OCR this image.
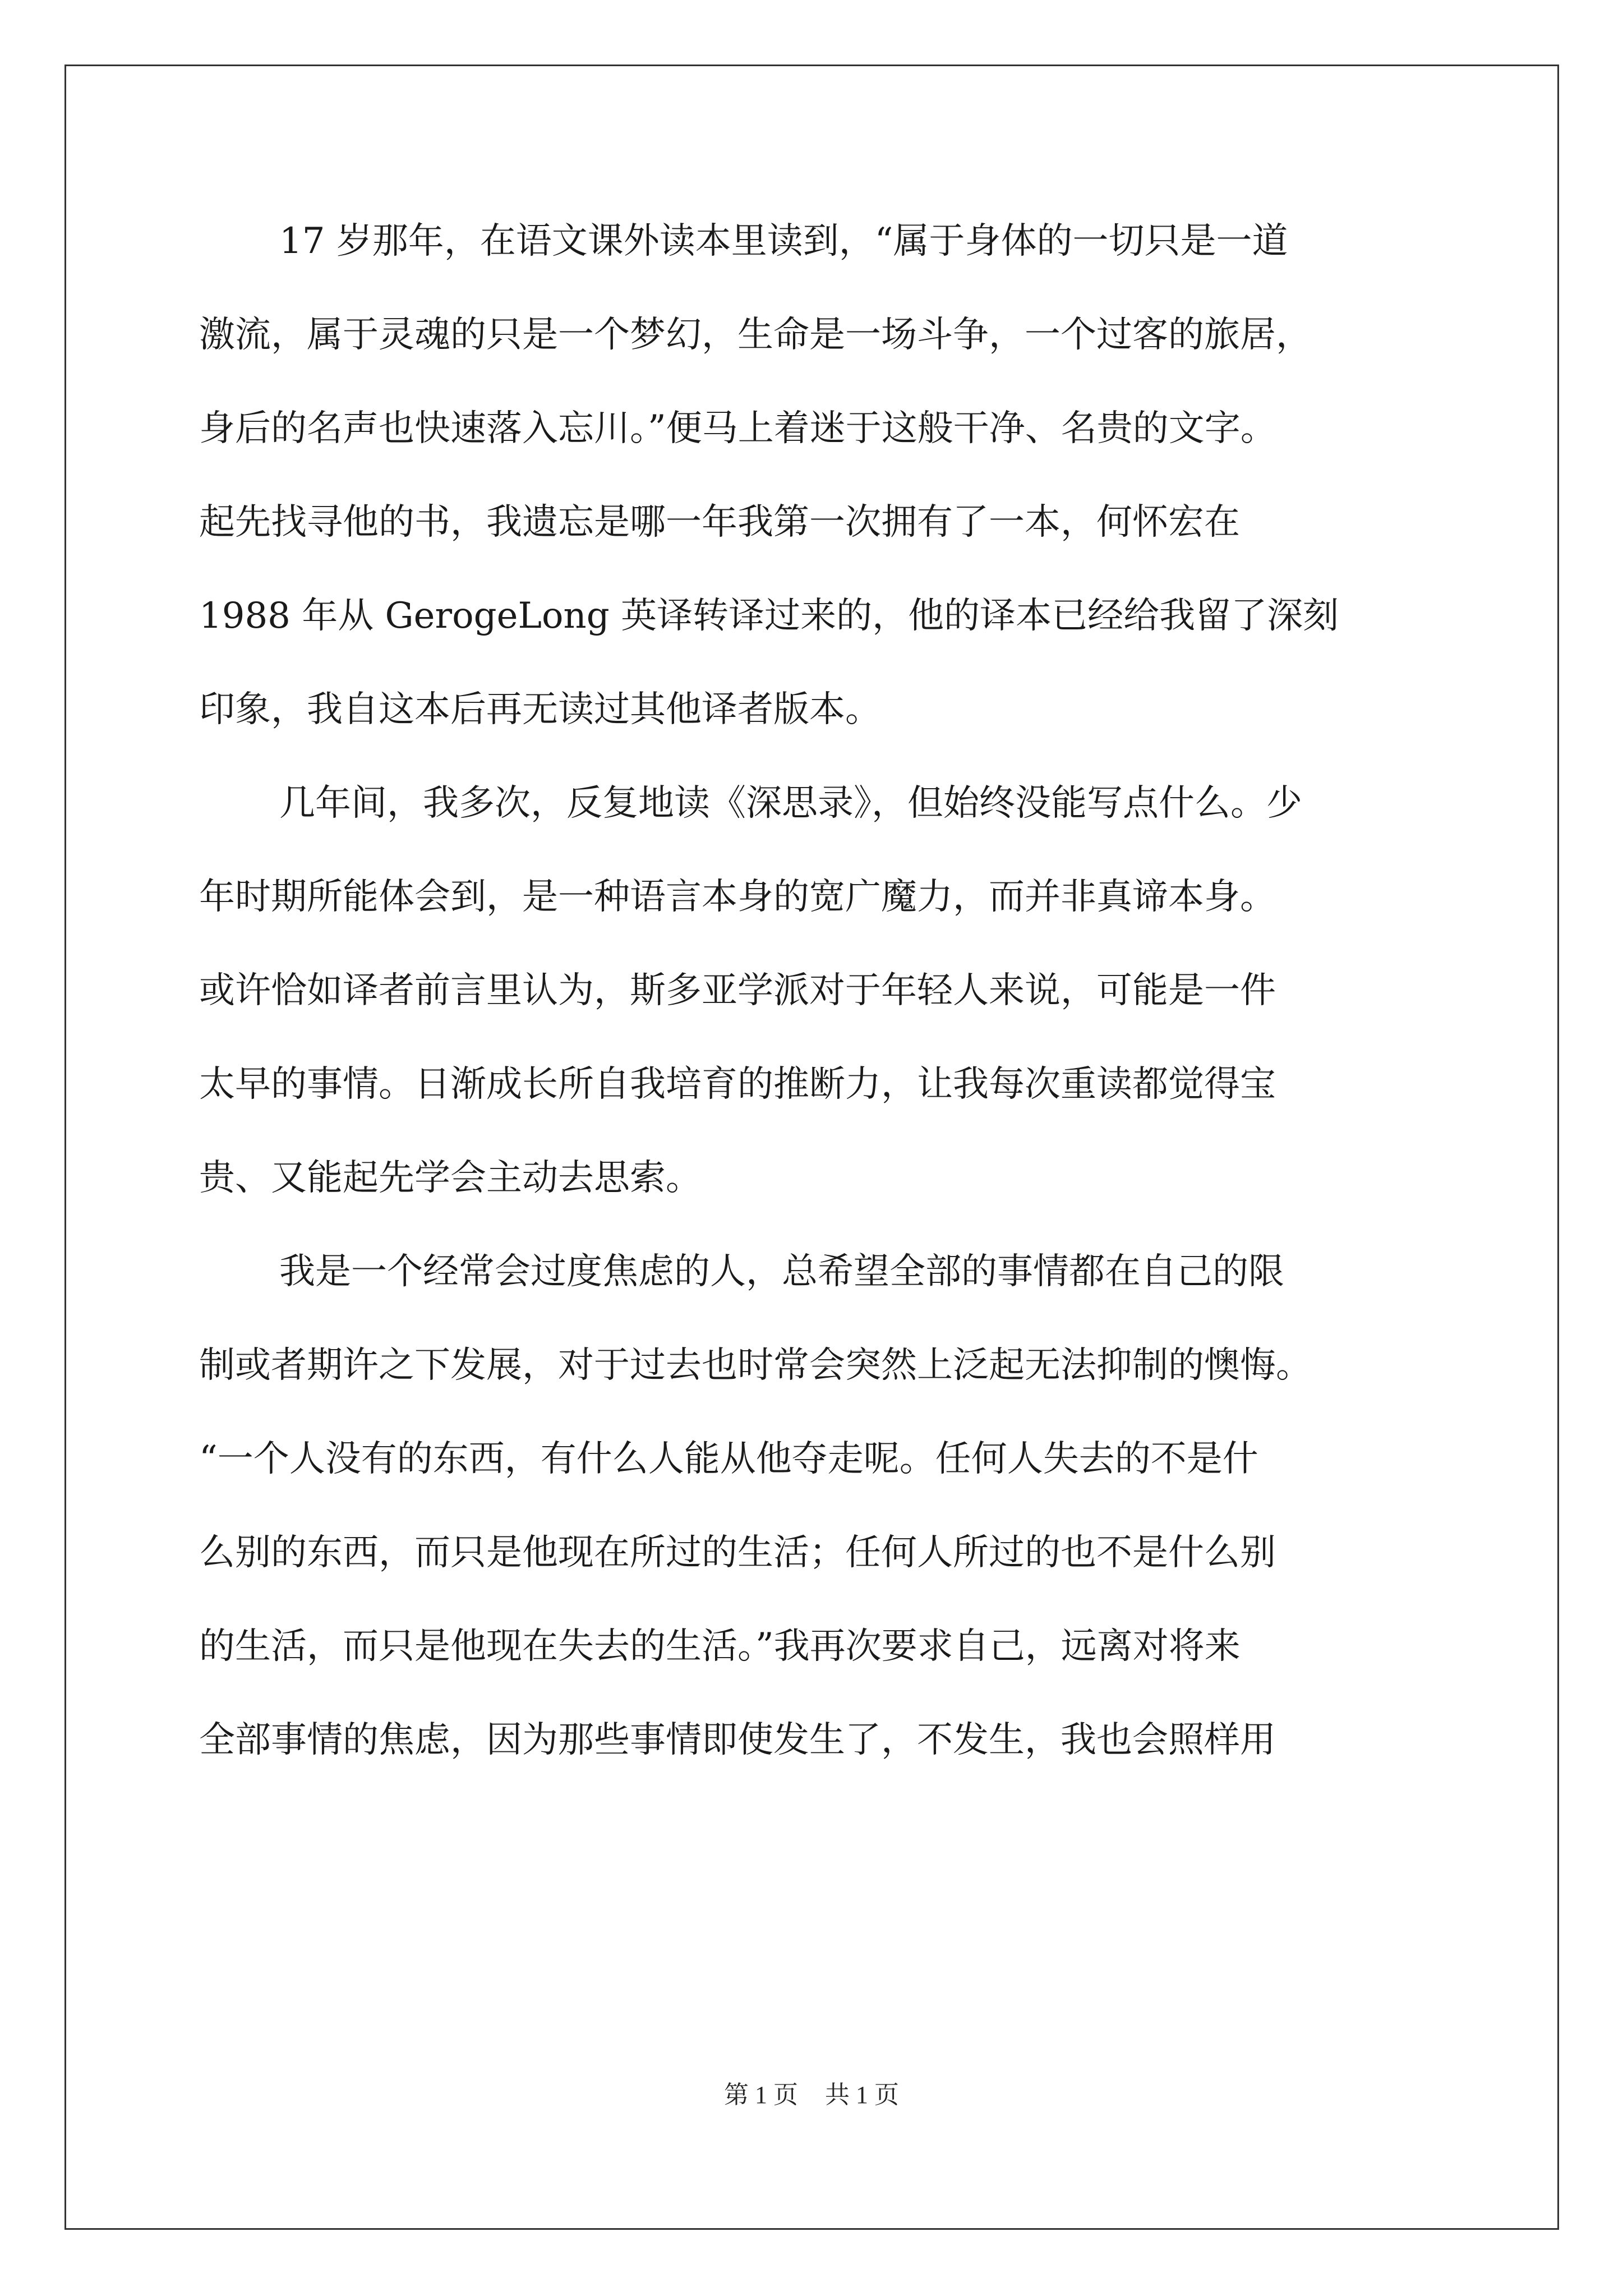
17 岁那年，在语文课外读本里读到，“属于身体的一切只是一道
激流，属于灵魂的只是一个梦幻，生命是一场斗争，一个过客的旅居，
身后的名声也快速落入忘川。”便马上着迷于这般干净、名贵的文字。
起先找寻他的书，我遗忘是哪一年我第一次拥有了一本，何怀宏在
1988 年从 GerogeLong 英译转译过来的，他的译本已经给我留了深刻
印象，我自这本后再无读过其他译者版本。
几年间，我多次，反复地读《深思录》，但始终没能写点什么。少
年时期所能体会到，是一种语言本身的宽广魔力，而并非真谛本身。
或许恰如译者前言里认为，斯多亚学派对于年轻人来说，可能是一件
太早的事情。日渐成长所自我培育的推断力，让我每次重读都觉得宝
贵、又能起先学会主动去思索。
我是一个经常会过度焦虑的人，总希望全部的事情都在自己的限
制或者期许之下发展，对于过去也时常会突然上泛起无法抑制的懊悔。
“一个人没有的东西，有什么人能从他夺走呢。任何人失去的不是什
么别的东西，而只是他现在所过的生活；任何人所过的也不是什么别
的生活，而只是他现在失去的生活。”我再次要求自己，远离对将来
全部事情的焦虑，因为那些事情即使发生了，不发生，我也会照样用
第 1 页 共 1 页
